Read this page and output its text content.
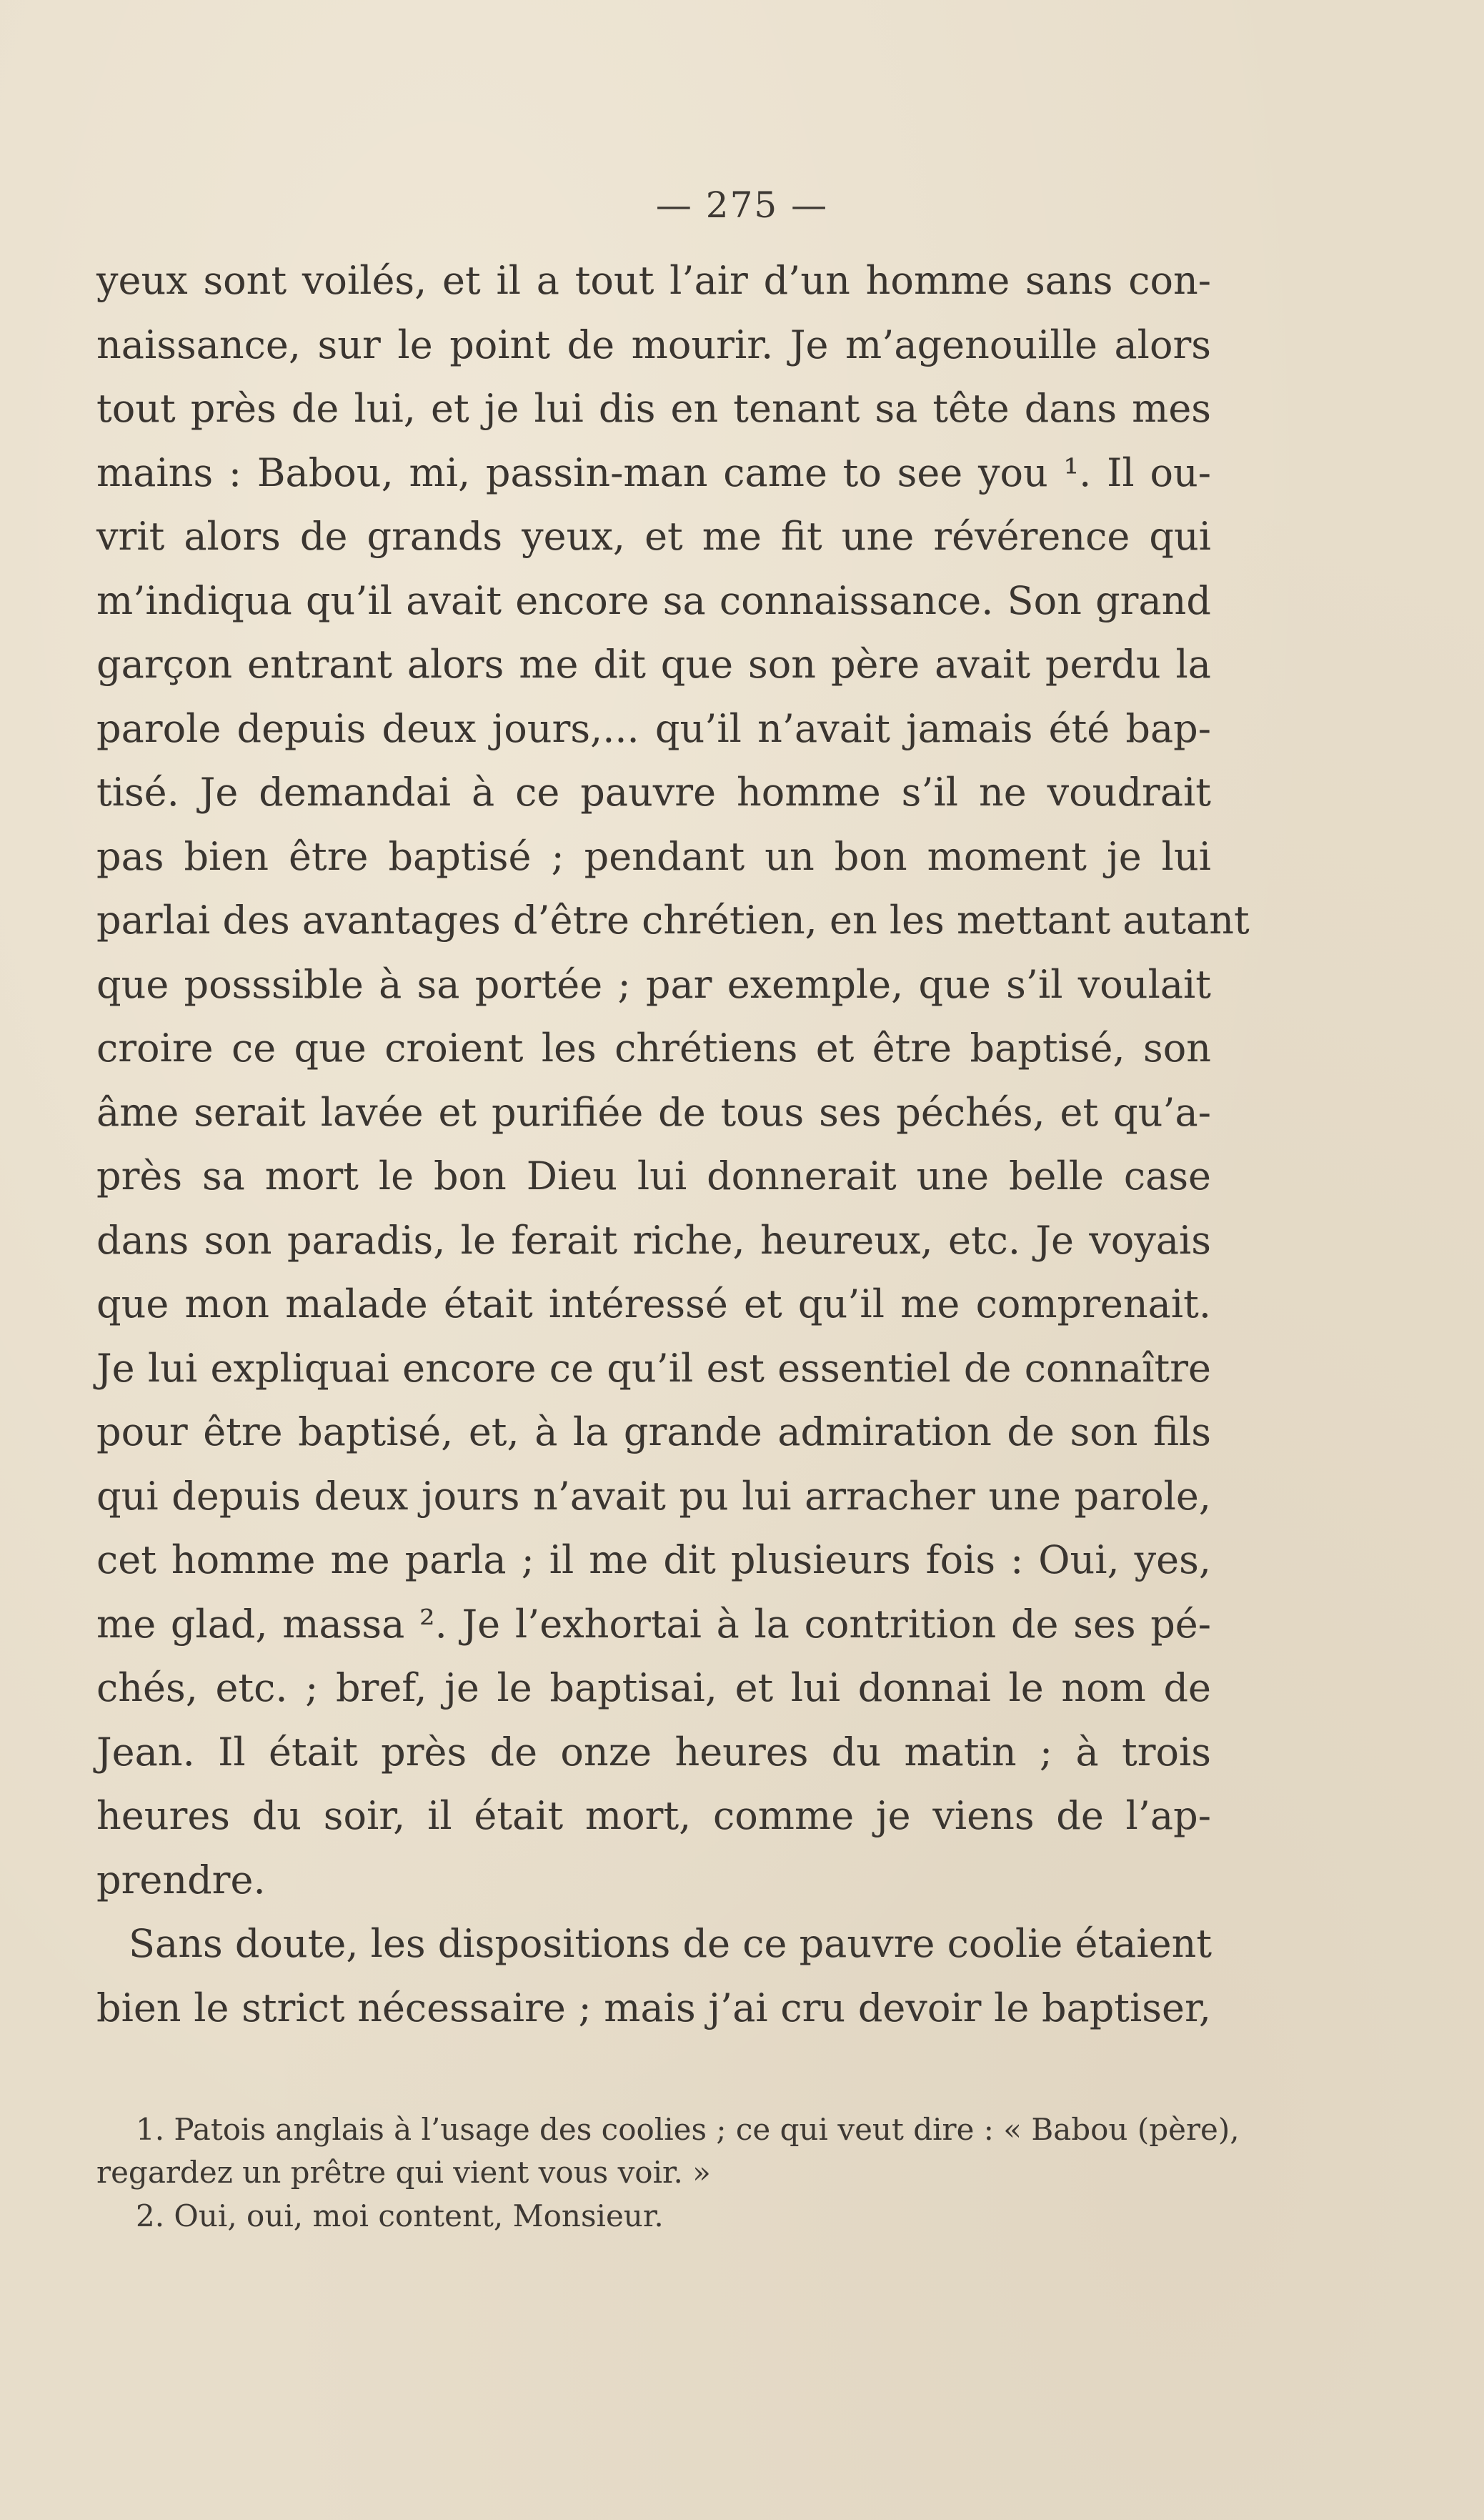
— 275 —
yeux sont voilés, et il a tout l’air d’un homme sans con-
naissance, sur le point de mourir. Je m’agenouille alors
tout près de lui, et je lui dis en tenant sa tête dans mes
mains : Babou, mi, passin-man came to see you ¹. Il ou-
vrit alors de grands yeux, et me fit une révérence qui
m’indiqua qu’il avait encore sa connaissance. Son grand
garçon entrant alors me dit que son père avait perdu la
parole depuis deux jours,... qu’il n’avait jamais été bap-
tisé. Je demandai à ce pauvre homme s’il ne voudrait
pas bien être baptisé ; pendant un bon moment je lui
parlai des avantages d’être chrétien, en les mettant autant
que posssible à sa portée ; par exemple, que s’il voulait
croire ce que croient les chrétiens et être baptisé, son
âme serait lavée et purifiée de tous ses péchés, et qu’a-
près sa mort le bon Dieu lui donnerait une belle case
dans son paradis, le ferait riche, heureux, etc. Je voyais
que mon malade était intéressé et qu’il me comprenait.
Je lui expliquai encore ce qu’il est essentiel de connaître
pour être baptisé, et, à la grande admiration de son fils
qui depuis deux jours n’avait pu lui arracher une parole,
cet homme me parla ; il me dit plusieurs fois : Oui, yes,
me glad, massa ². Je l’exhortai à la contrition de ses pé-
chés, etc. ; bref, je le baptisai, et lui donnai le nom de
Jean. Il était près de onze heures du matin ; à trois
heures du soir, il était mort, comme je viens de l’ap-
prendre.
Sans doute, les dispositions de ce pauvre coolie étaient
bien le strict nécessaire ; mais j’ai cru devoir le baptiser,
1. Patois anglais à l’usage des coolies ; ce qui veut dire : « Babou (père),
regardez un prêtre qui vient vous voir. »
2. Oui, oui, moi content, Monsieur.
